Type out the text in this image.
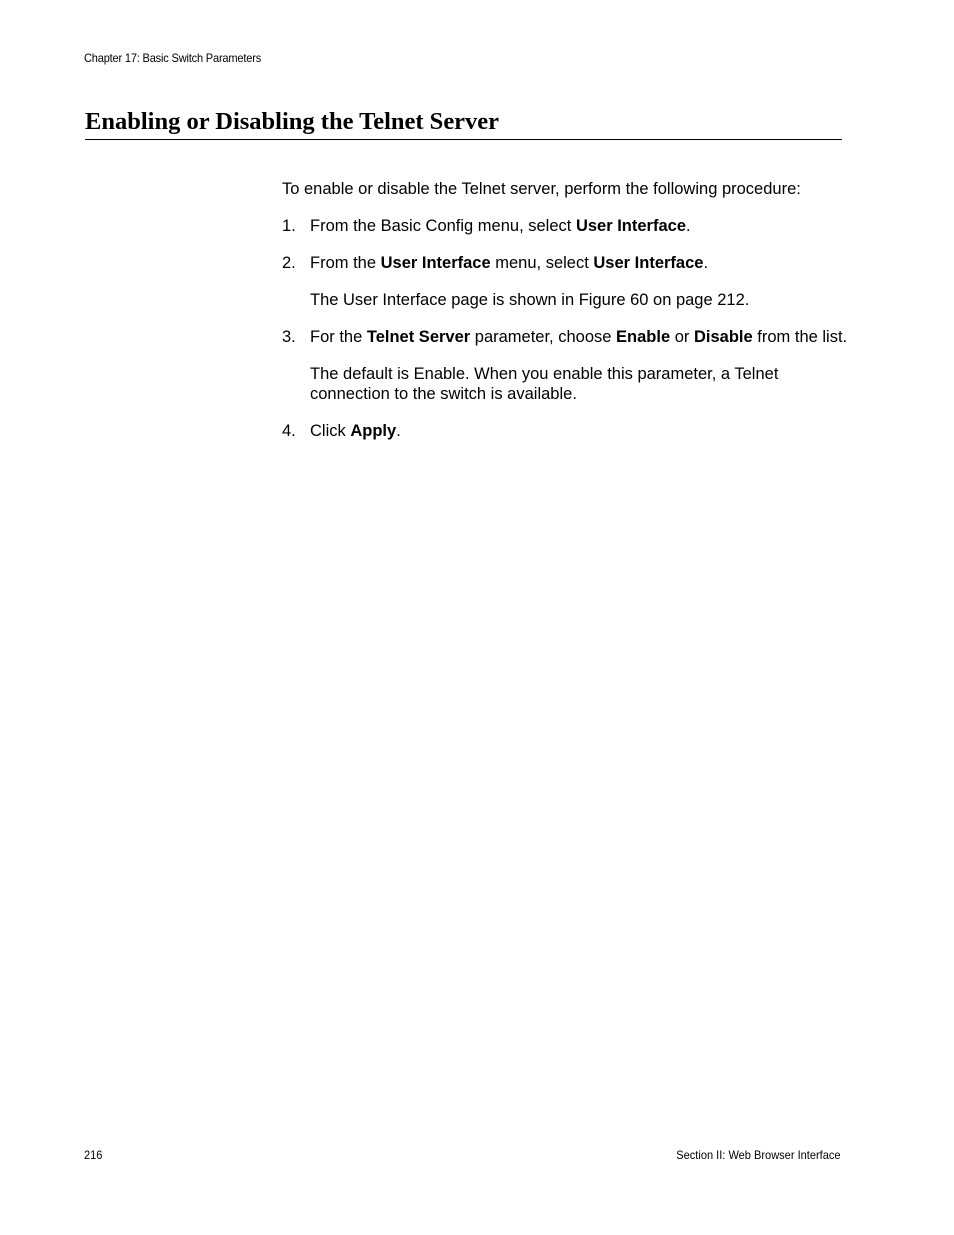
Chapter 17: Basic Switch Parameters
Enabling or Disabling the Telnet Server

To enable or disable the Telnet server, perform the following procedure:

1. From the Basic Config menu, select User Interface.

2. From the User Interface menu, select User Interface.

The User Interface page is shown in Figure 60 on page 212.

3. For the Telnet Server parameter, choose Enable or Disable from the list.

The default is Enable. When you enable this parameter, a Telnet connection to the switch is available.

4. Click Apply.

216	Section II: Web Browser Interface
